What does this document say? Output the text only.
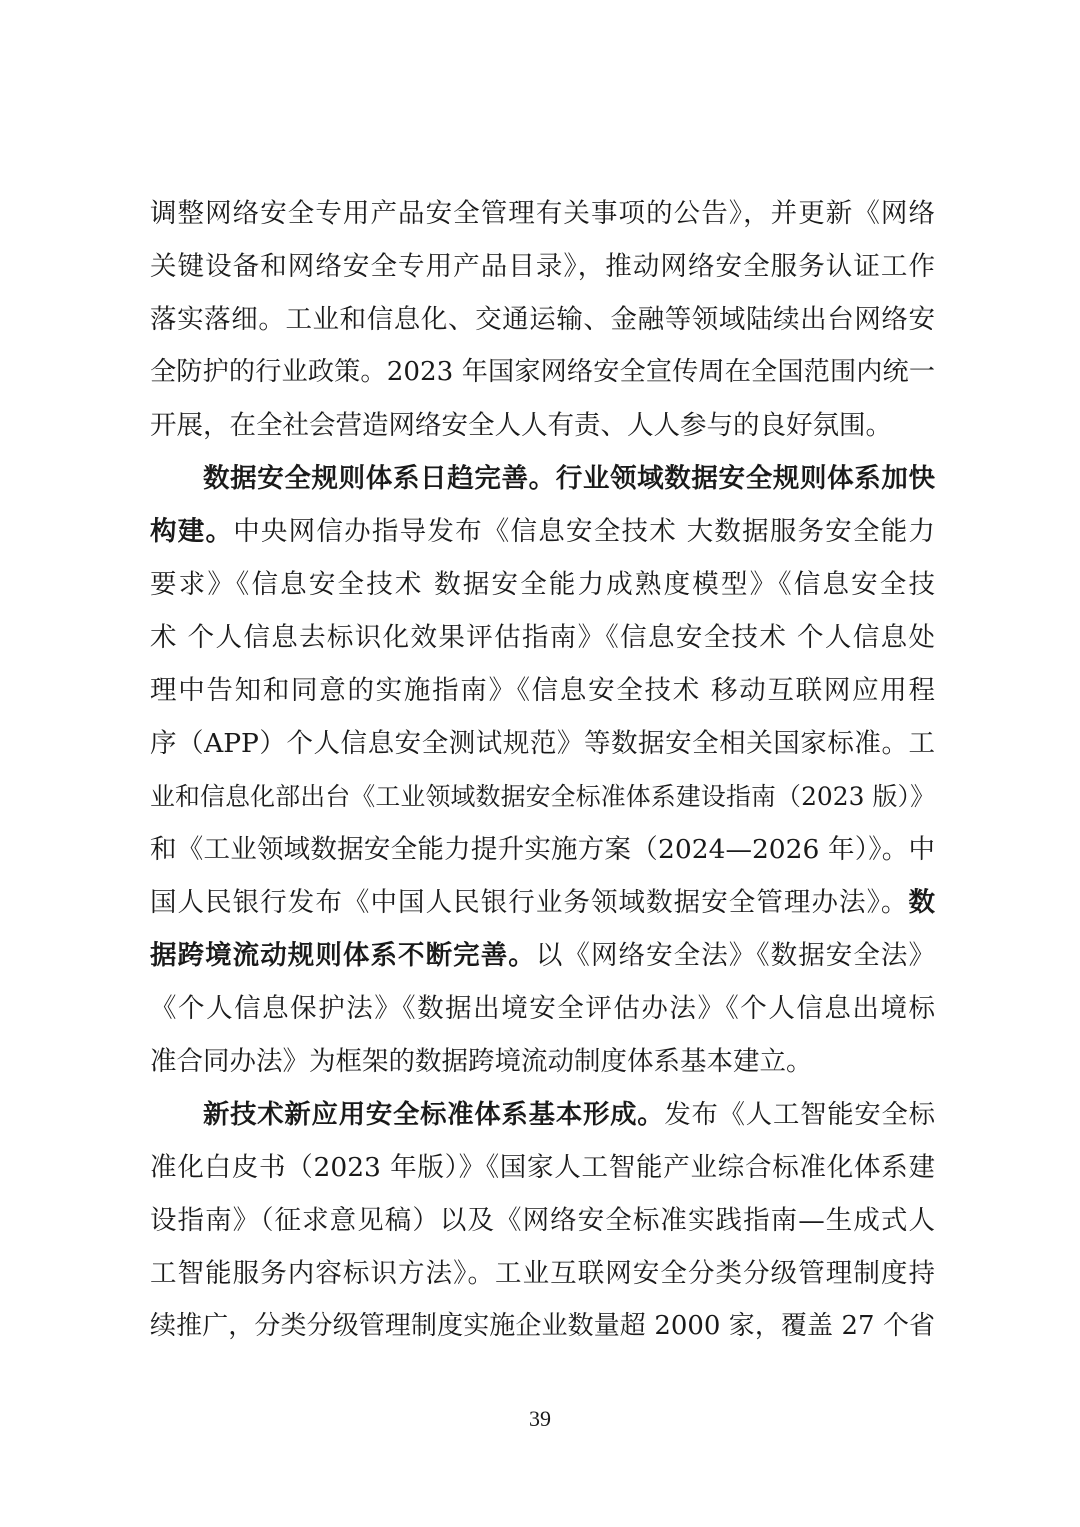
调整网络安全专用产品安全管理有关事项的公告》，并更新《网络
关键设备和网络安全专用产品目录》，推动网络安全服务认证工作
落实落细。工业和信息化、交通运输、金融等领域陆续出台网络安
全防护的行业政策。2023 年国家网络安全宣传周在全国范围内统一
开展，在全社会营造网络安全人人有责、人人参与的良好氛围。
数据安全规则体系日趋完善。行业领域数据安全规则体系加快
构建。中央网信办指导发布《信息安全技术 大数据服务安全能力
要求》《信息安全技术 数据安全能力成熟度模型》《信息安全技
术 个人信息去标识化效果评估指南》《信息安全技术 个人信息处
理中告知和同意的实施指南》《信息安全技术 移动互联网应用程
序（APP）个人信息安全测试规范》等数据安全相关国家标准。工
业和信息化部出台《工业领域数据安全标准体系建设指南（2023 版）》
和《工业领域数据安全能力提升实施方案（2024—2026 年）》。中
国人民银行发布《中国人民银行业务领域数据安全管理办法》。数
据跨境流动规则体系不断完善。以《网络安全法》《数据安全法》
《个人信息保护法》《数据出境安全评估办法》《个人信息出境标
准合同办法》为框架的数据跨境流动制度体系基本建立。
新技术新应用安全标准体系基本形成。发布《人工智能安全标
准化白皮书（2023 年版）》《国家人工智能产业综合标准化体系建
设指南》（征求意见稿）以及《网络安全标准实践指南—生成式人
工智能服务内容标识方法》。工业互联网安全分类分级管理制度持
续推广，分类分级管理制度实施企业数量超 2000 家，覆盖 27 个省
39
